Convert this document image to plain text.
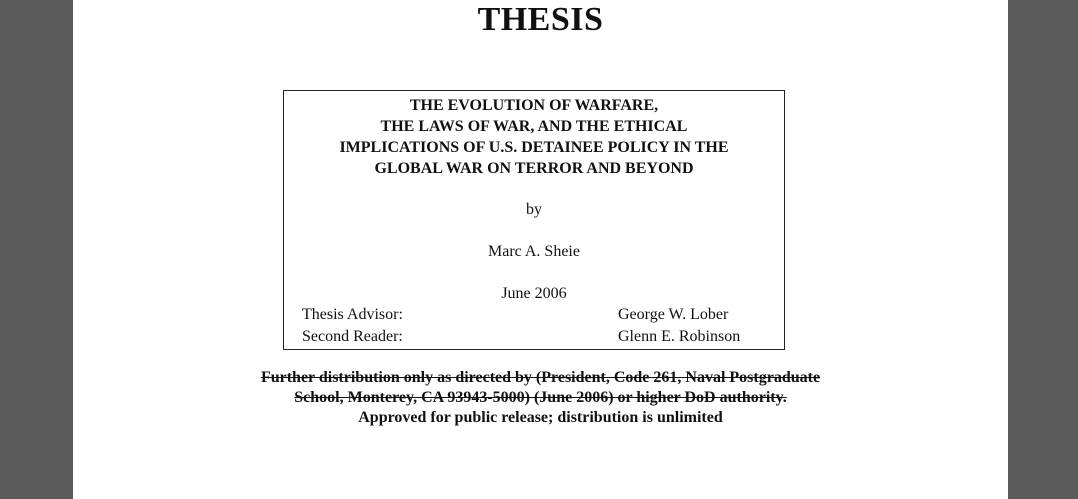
THESIS
THE EVOLUTION OF WARFARE,
THE LAWS OF WAR, AND THE ETHICAL
IMPLICATIONS OF U.S. DETAINEE POLICY IN THE
GLOBAL WAR ON TERROR AND BEYOND
by
Marc A. Sheie
June 2006
Thesis Advisor:	George W. Lober
Second Reader:	Glenn E. Robinson
Further distribution only as directed by (President, Code 261, Naval Postgraduate
School, Monterey, CA 93943-5000) (June 2006) or higher DoD authority.
Approved for public release; distribution is unlimited
